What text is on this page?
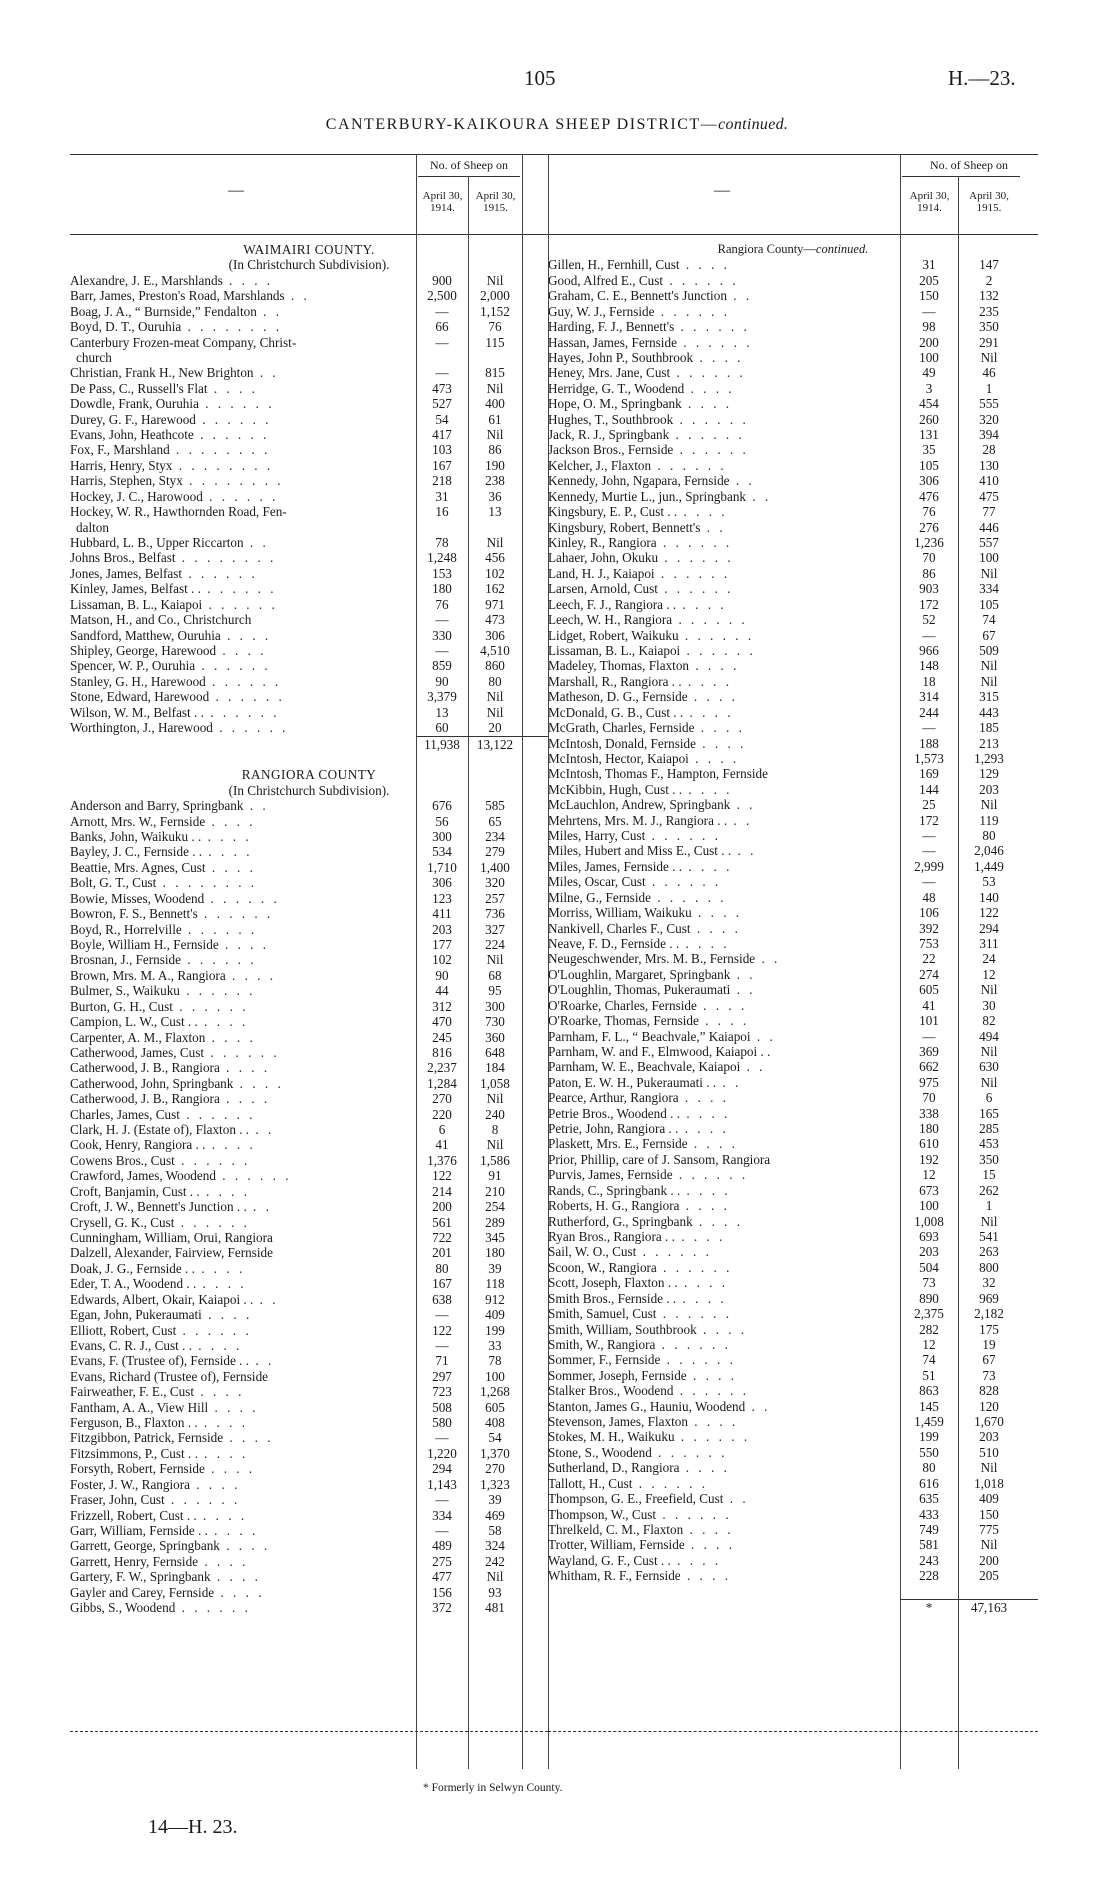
105	H.—23.
CANTERBURY-KAIKOURA SHEEP DISTRICT—continued.
—
No. of Sheep on
April 30, 1914.
April 30, 1915.
WAIMAIRI COUNTY.
(In Christchurch Subdivision).
Alexandre, J. E., Marshlands . . . .	900	Nil
Barr, James, Preston's Road, Marshlands . .	2,500	2,000
Boag, J. A., “ Burnside,” Fendalton . .	—	1,152
Boyd, D. T., Ouruhia . . . . . . . .	66	76
Canterbury Frozen-meat Company, Christ-	—	115
church
Christian, Frank H., New Brighton . .	—	815
De Pass, C., Russell's Flat . . . .	473	Nil
Dowdle, Frank, Ouruhia . . . . . .	527	400
Durey, G. F., Harewood . . . . . .	54	61
Evans, John, Heathcote . . . . . .	417	Nil
Fox, F., Marshland . . . . . . . .	103	86
Harris, Henry, Styx . . . . . . . .	167	190
Harris, Stephen, Styx . . . . . . . .	218	238
Hockey, J. C., Harowood . . . . . .	31	36
Hockey, W. R., Hawthornden Road, Fen-	16	13
dalton
Hubbard, L. B., Upper Riccarton . .	78	Nil
Johns Bros., Belfast . . . . . . . .	1,248	456
Jones, James, Belfast . . . . . .	153	102
Kinley, James, Belfast . . . . . . . .	180	162
Lissaman, B. L., Kaiapoi . . . . . .	76	971
Matson, H., and Co., Christchurch	—	473
Sandford, Matthew, Ouruhia . . . .	330	306
Shipley, George, Harewood . . . .	—	4,510
Spencer, W. P., Ouruhia . . . . . .	859	860
Stanley, G. H., Harewood . . . . . .	90	80
Stone, Edward, Harewood . . . . . .	3,379	Nil
Wilson, W. M., Belfast . . . . . . . .	13	Nil
Worthington, J., Harewood . . . . . .	60	20
11,938	13,122
RANGIORA COUNTY
(In Christchurch Subdivision).
Anderson and Barry, Springbank . .	676	585
Arnott, Mrs. W., Fernside . . . .	56	65
Banks, John, Waikuku . . . . . .	300	234
Bayley, J. C., Fernside . . . . . .	534	279
Beattie, Mrs. Agnes, Cust . . . .	1,710	1,400
Bolt, G. T., Cust . . . . . . . .	306	320
Bowie, Misses, Woodend . . . . . .	123	257
Bowron, F. S., Bennett's . . . . . .	411	736
Boyd, R., Horrelville . . . . . .	203	327
Boyle, William H., Fernside . . . .	177	224
Brosnan, J., Fernside . . . . . .	102	Nil
Brown, Mrs. M. A., Rangiora . . . .	90	68
Bulmer, S., Waikuku . . . . . .	44	95
Burton, G. H., Cust . . . . . .	312	300
Campion, L. W., Cust . . . . . .	470	730
Carpenter, A. M., Flaxton . . . .	245	360
Catherwood, James, Cust . . . . . .	816	648
Catherwood, J. B., Rangiora . . . .	2,237	184
Catherwood, John, Springbank . . . .	1,284	1,058
Catherwood, J. B., Rangiora . . . .	270	Nil
Charles, James, Cust . . . . . .	220	240
Clark, H. J. (Estate of), Flaxton . . . .	6	8
Cook, Henry, Rangiora . . . . . .	41	Nil
Cowens Bros., Cust . . . . . .	1,376	1,586
Crawford, James, Woodend . . . . . .	122	91
Croft, Banjamin, Cust . . . . . .	214	210
Croft, J. W., Bennett's Junction . . . .	200	254
Crysell, G. K., Cust . . . . . .	561	289
Cunningham, William, Orui, Rangiora	722	345
Dalzell, Alexander, Fairview, Fernside	201	180
Doak, J. G., Fernside . . . . . .	80	39
Eder, T. A., Woodend . . . . . .	167	118
Edwards, Albert, Okair, Kaiapoi . . . .	638	912
Egan, John, Pukeraumati . . . .	—	409
Elliott, Robert, Cust . . . . . .	122	199
Evans, C. R. J., Cust . . . . . .	—	33
Evans, F. (Trustee of), Fernside . . . .	71	78
Evans, Richard (Trustee of), Fernside	297	100
Fairweather, F. E., Cust . . . .	723	1,268
Fantham, A. A., View Hill . . . .	508	605
Ferguson, B., Flaxton . . . . . .	580	408
Fitzgibbon, Patrick, Fernside . . . .	—	54
Fitzsimmons, P., Cust . . . . . .	1,220	1,370
Forsyth, Robert, Fernside . . . .	294	270
Foster, J. W., Rangiora . . . .	1,143	1,323
Fraser, John, Cust . . . . . .	—	39
Frizzell, Robert, Cust . . . . . .	334	469
Garr, William, Fernside . . . . . .	—	58
Garrett, George, Springbank . . . .	489	324
Garrett, Henry, Fernside . . . .	275	242
Gartery, F. W., Springbank . . . .	477	Nil
Gayler and Carey, Fernside . . . .	156	93
Gibbs, S., Woodend . . . . . .	372	481
—
No. of Sheep on
April 30, 1914.
April 30, 1915.
Rangiora County—continued.
Gillen, H., Fernhill, Cust . . . .	31	147
Good, Alfred E., Cust . . . . . .	205	2
Graham, C. E., Bennett's Junction . .	150	132
Guy, W. J., Fernside . . . . . .	—	235
Harding, F. J., Bennett's . . . . . .	98	350
Hassan, James, Fernside . . . . . .	200	291
Hayes, John P., Southbrook . . . .	100	Nil
Heney, Mrs. Jane, Cust . . . . . .	49	46
Herridge, G. T., Woodend . . . .	3	1
Hope, O. M., Springbank . . . .	454	555
Hughes, T., Southbrook . . . . . .	260	320
Jack, R. J., Springbank . . . . . .	131	394
Jackson Bros., Fernside . . . . . .	35	28
Kelcher, J., Flaxton . . . . . .	105	130
Kennedy, John, Ngapara, Fernside . .	306	410
Kennedy, Murtie L., jun., Springbank . .	476	475
Kingsbury, E. P., Cust . . . . . .	76	77
Kingsbury, Robert, Bennett's . .	276	446
Kinley, R., Rangiora . . . . . .	1,236	557
Lahaer, John, Okuku . . . . . .	70	100
Land, H. J., Kaiapoi . . . . . .	86	Nil
Larsen, Arnold, Cust . . . . . .	903	334
Leech, F. J., Rangiora . . . . . .	172	105
Leech, W. H., Rangiora . . . . . .	52	74
Lidget, Robert, Waikuku . . . . . .	—	67
Lissaman, B. L., Kaiapoi . . . . . .	966	509
Madeley, Thomas, Flaxton . . . .	148	Nil
Marshall, R., Rangiora . . . . . .	18	Nil
Matheson, D. G., Fernside . . . .	314	315
McDonald, G. B., Cust . . . . . .	244	443
McGrath, Charles, Fernside . . . .	—	185
McIntosh, Donald, Fernside . . . .	188	213
McIntosh, Hector, Kaiapoi . . . .	1,573	1,293
McIntosh, Thomas F., Hampton, Fernside	169	129
McKibbin, Hugh, Cust . . . . . .	144	203
McLauchlon, Andrew, Springbank . .	25	Nil
Mehrtens, Mrs. M. J., Rangiora . . . .	172	119
Miles, Harry, Cust . . . . . .	—	80
Miles, Hubert and Miss E., Cust . . . .	—	2,046
Miles, James, Fernside . . . . . .	2,999	1,449
Miles, Oscar, Cust . . . . . .	—	53
Milne, G., Fernside . . . . . .	48	140
Morriss, William, Waikuku . . . .	106	122
Nankivell, Charles F., Cust . . . .	392	294
Neave, F. D., Fernside . . . . . .	753	311
Neugeschwender, Mrs. M. B., Fernside . .	22	24
O'Loughlin, Margaret, Springbank . .	274	12
O'Loughlin, Thomas, Pukeraumati . .	605	Nil
O'Roarke, Charles, Fernside . . . .	41	30
O'Roarke, Thomas, Fernside . . . .	101	82
Parnham, F. L., “ Beachvale,” Kaiapoi . .	—	494
Parnham, W. and F., Elmwood, Kaiapoi . .	369	Nil
Parnham, W. E., Beachvale, Kaiapoi . .	662	630
Paton, E. W. H., Pukeraumati . . . .	975	Nil
Pearce, Arthur, Rangiora . . . .	70	6
Petrie Bros., Woodend . . . . . .	338	165
Petrie, John, Rangiora . . . . . .	180	285
Plaskett, Mrs. E., Fernside . . . .	610	453
Prior, Phillip, care of J. Sansom, Rangiora	192	350
Purvis, James, Fernside . . . . . .	12	15
Rands, C., Springbank . . . . . .	673	262
Roberts, H. G., Rangiora . . . .	100	1
Rutherford, G., Springbank . . . .	1,008	Nil
Ryan Bros., Rangiora . . . . . .	693	541
Sail, W. O., Cust . . . . . .	203	263
Scoon, W., Rangiora . . . . . .	504	800
Scott, Joseph, Flaxton . . . . . .	73	32
Smith Bros., Fernside . . . . . .	890	969
Smith, Samuel, Cust . . . . . .	2,375	2,182
Smith, William, Southbrook . . . .	282	175
Smith, W., Rangiora . . . . . .	12	19
Sommer, F., Fernside . . . . . .	74	67
Sommer, Joseph, Fernside . . . .	51	73
Stalker Bros., Woodend . . . . . .	863	828
Stanton, James G., Hauniu, Woodend . .	145	120
Stevenson, James, Flaxton . . . .	1,459	1,670
Stokes, M. H., Waikuku . . . . . .	199	203
Stone, S., Woodend . . . . . .	550	510
Sutherland, D., Rangiora . . . .	80	Nil
Tallott, H., Cust . . . . . .	616	1,018
Thompson, G. E., Freefield, Cust . .	635	409
Thompson, W., Cust . . . . . .	433	150
Threlkeld, C. M., Flaxton . . . .	749	775
Trotter, William, Fernside . . . .	581	Nil
Wayland, G. F., Cust . . . . . .	243	200
Whitham, R. F., Fernside . . . .	228	205
*	47,163
* Formerly in Selwyn County.
14—H. 23.
